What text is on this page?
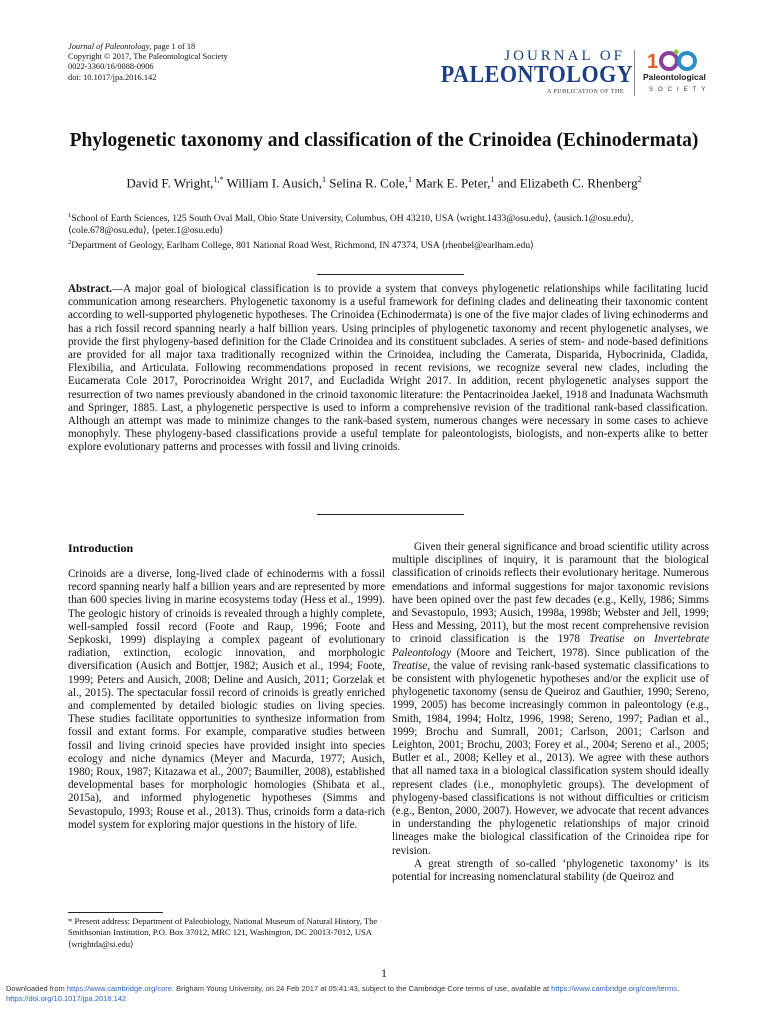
Journal of Paleontology, page 1 of 18
Copyright © 2017, The Paleontological Society
0022-3360/16/0088-0906
doi: 10.1017/jpa.2016.142
JOURNAL OF
PALEONTOLOGY
A PUBLICATION OF THE
1
Paleontological
SOCIETY
Phylogenetic taxonomy and classification of the Crinoidea (Echinodermata)
David F. Wright,$^{1,*}$ William I. Ausich,$^1$ Selina R. Cole,$^1$ Mark E. Peter,$^1$ and Elizabeth C. Rhenberg$^2$
$^1$School of Earth Sciences, 125 South Oval Mall, Ohio State University, Columbus, OH 43210, USA ⟨wright.1433@osu.edu⟩, ⟨ausich.1@osu.edu⟩, ⟨cole.678@osu.edu⟩, ⟨peter.1@osu.edu⟩
$^2$Department of Geology, Earlham College, 801 National Road West, Richmond, IN 47374, USA ⟨rhenbel@earlham.edu⟩
Abstract.—A major goal of biological classification is to provide a system that conveys phylogenetic relationships while facilitating lucid communication among researchers. Phylogenetic taxonomy is a useful framework for defining clades and delineating their taxonomic content according to well-supported phylogenetic hypotheses. The Crinoidea (Echinodermata) is one of the five major clades of living echinoderms and has a rich fossil record spanning nearly a half billion years. Using principles of phylogenetic taxonomy and recent phylogenetic analyses, we provide the first phylogeny-based definition for the Clade Crinoidea and its constituent subclades. A series of stem- and node-based definitions are provided for all major taxa traditionally recognized within the Crinoidea, including the Camerata, Disparida, Hybocrinida, Cladida, Flexibilia, and Articulata. Following recommendations proposed in recent revisions, we recognize several new clades, including the Eucamerata Cole 2017, Porocrinoidea Wright 2017, and Eucladida Wright 2017. In addition, recent phylogenetic analyses support the resurrection of two names previously abandoned in the crinoid taxonomic literature: the Pentacrinoidea Jaekel, 1918 and Inadunata Wachsmuth and Springer, 1885. Last, a phylogenetic perspective is used to inform a comprehensive revision of the traditional rank-based classification. Although an attempt was made to minimize changes to the rank-based system, numerous changes were necessary in some cases to achieve monophyly. These phylogeny-based classifications provide a useful template for paleontologists, biologists, and non-experts alike to better explore evolutionary patterns and processes with fossil and living crinoids.

Introduction

Crinoids are a diverse, long-lived clade of echinoderms with a fossil record spanning nearly half a billion years and are represented by more than 600 species living in marine ecosystems today (Hess et al., 1999). The geologic history of crinoids is revealed through a highly complete, well-sampled fossil record (Foote and Raup, 1996; Foote and Sepkoski, 1999) displaying a complex pageant of evolutionary radiation, extinction, ecologic innovation, and morphologic diversification (Ausich and Bottjer, 1982; Ausich et al., 1994; Foote, 1999; Peters and Ausich, 2008; Deline and Ausich, 2011; Gorzelak et al., 2015). The spectacular fossil record of crinoids is greatly enriched and complemented by detailed biologic studies on living species. These studies facilitate opportunities to synthesize information from fossil and extant forms. For example, comparative studies between fossil and living crinoid species have provided insight into species ecology and niche dynamics (Meyer and Macurda, 1977; Ausich, 1980; Roux, 1987; Kitazawa et al., 2007; Baumiller, 2008), established developmental bases for morphologic homologies (Shibata et al., 2015a), and informed phylogenetic hypotheses (Simms and Sevastopulo, 1993; Rouse et al., 2013). Thus, crinoids form a data-rich model system for exploring major questions in the history of life.

Given their general significance and broad scientific utility across multiple disciplines of inquiry, it is paramount that the biological classification of crinoids reflects their evolutionary heritage. Numerous emendations and informal suggestions for major taxonomic revisions have been opined over the past few decades (e.g., Kelly, 1986; Simms and Sevastopulo, 1993; Ausich, 1998a, 1998b; Webster and Jell, 1999; Hess and Messing, 2011), but the most recent comprehensive revision to crinoid classification is the 1978 Treatise on Invertebrate Paleontology (Moore and Teichert, 1978). Since publication of the Treatise, the value of revising rank-based systematic classifications to be consistent with phylogenetic hypotheses and/or the explicit use of phylogenetic taxonomy (sensu de Queiroz and Gauthier, 1990; Sereno, 1999, 2005) has become increasingly common in paleontology (e.g., Smith, 1984, 1994; Holtz, 1996, 1998; Sereno, 1997; Padian et al., 1999; Brochu and Sumrall, 2001; Carlson, 2001; Carlson and Leighton, 2001; Brochu, 2003; Forey et al., 2004; Sereno et al., 2005; Butler et al., 2008; Kelley et al., 2013). We agree with these authors that all named taxa in a biological classification system should ideally represent clades (i.e., monophyletic groups). The development of phylogeny-based classifications is not without difficulties or criticism (e.g., Benton, 2000, 2007). However, we advocate that recent advances in understanding the phylogenetic relationships of major crinoid lineages make the biological classification of the Crinoidea ripe for revision.

A great strength of so-called ‘phylogenetic taxonomy’ is its potential for increasing nomenclatural stability (de Queiroz and

* Present address: Department of Paleobiology, National Museum of Natural History, The Smithsonian Institution, P.O. Box 37012, MRC 121, Washington, DC 20013-7012, USA ⟨wrightda@si.edu⟩
1
Downloaded from https://www.cambridge.org/core. Brigham Young University, on 24 Feb 2017 at 05:41:43, subject to the Cambridge Core terms of use, available at https://www.cambridge.org/core/terms.
https://doi.org/10.1017/jpa.2016.142
